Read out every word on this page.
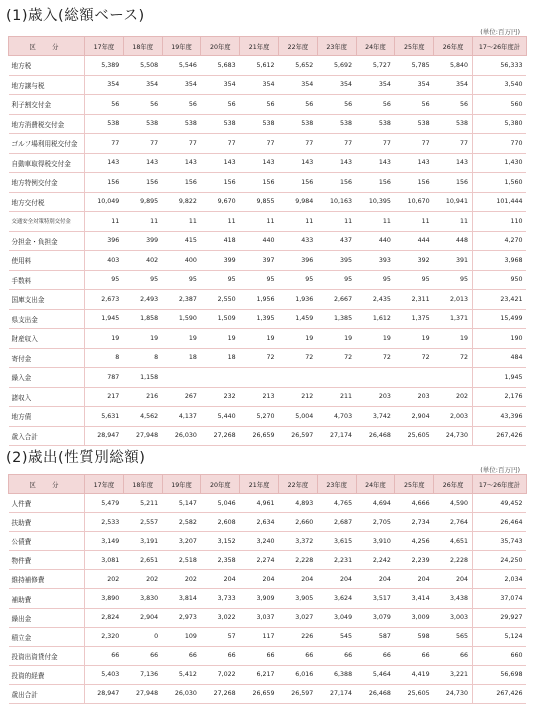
(1)歳入(総額ベース)
(単位:百万円)
区　分	17年度	18年度	19年度	20年度	21年度	22年度	23年度	24年度	25年度	26年度	17〜26年度計
地方税	5,389	5,508	5,546	5,683	5,612	5,652	5,692	5,727	5,785	5,840	56,333
地方譲与税	354	354	354	354	354	354	354	354	354	354	3,540
利子割交付金	56	56	56	56	56	56	56	56	56	56	560
地方消費税交付金	538	538	538	538	538	538	538	538	538	538	5,380
ゴルフ場利用税交付金	77	77	77	77	77	77	77	77	77	77	770
自動車取得税交付金	143	143	143	143	143	143	143	143	143	143	1,430
地方特例交付金	156	156	156	156	156	156	156	156	156	156	1,560
地方交付税	10,049	9,895	9,822	9,670	9,855	9,984	10,163	10,395	10,670	10,941	101,444
交通安全対策特別交付金	11	11	11	11	11	11	11	11	11	11	110
分担金・負担金	396	399	415	418	440	433	437	440	444	448	4,270
使用料	403	402	400	399	397	396	395	393	392	391	3,968
手数料	95	95	95	95	95	95	95	95	95	95	950
国庫支出金	2,673	2,493	2,387	2,550	1,956	1,936	2,667	2,435	2,311	2,013	23,421
県支出金	1,945	1,858	1,590	1,509	1,395	1,459	1,385	1,612	1,375	1,371	15,499
財産収入	19	19	19	19	19	19	19	19	19	19	190
寄付金	8	8	18	18	72	72	72	72	72	72	484
繰入金	787	1,158									1,945
諸収入	217	216	267	232	213	212	211	203	203	202	2,176
地方債	5,631	4,562	4,137	5,440	5,270	5,004	4,703	3,742	2,904	2,003	43,396
歳入合計	28,947	27,948	26,030	27,268	26,659	26,597	27,174	26,468	25,605	24,730	267,426
(2)歳出(性質別総額)
(単位:百万円)
区　分	17年度	18年度	19年度	20年度	21年度	22年度	23年度	24年度	25年度	26年度	17〜26年度計
人件費	5,479	5,211	5,147	5,046	4,961	4,893	4,765	4,694	4,666	4,590	49,452
扶助費	2,533	2,557	2,582	2,608	2,634	2,660	2,687	2,705	2,734	2,764	26,464
公債費	3,149	3,191	3,207	3,152	3,240	3,372	3,615	3,910	4,256	4,651	35,743
物件費	3,081	2,651	2,518	2,358	2,274	2,228	2,231	2,242	2,239	2,228	24,250
維持補修費	202	202	202	204	204	204	204	204	204	204	2,034
補助費	3,890	3,830	3,814	3,733	3,909	3,905	3,624	3,517	3,414	3,438	37,074
繰出金	2,824	2,904	2,973	3,022	3,037	3,027	3,049	3,079	3,009	3,003	29,927
積立金	2,320	0	109	57	117	226	545	587	598	565	5,124
投資出資貸付金	66	66	66	66	66	66	66	66	66	66	660
投資的経費	5,403	7,136	5,412	7,022	6,217	6,016	6,388	5,464	4,419	3,221	56,698
歳出合計	28,947	27,948	26,030	27,268	26,659	26,597	27,174	26,468	25,605	24,730	267,426
